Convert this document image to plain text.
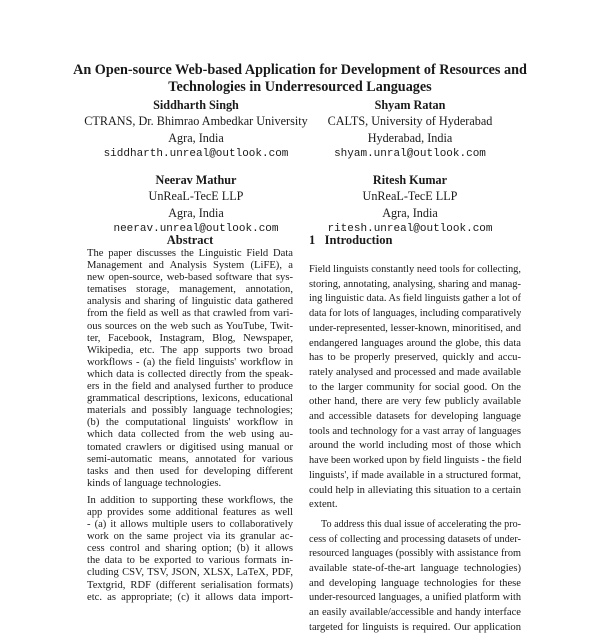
An Open-source Web-based Application for Development of Resources and
Technologies in Underresourced Languages
Siddharth Singh
CTRANS, Dr. Bhimrao Ambedkar University
Agra, India
siddharth.unreal@outlook.com
Shyam Ratan
CALTS, University of Hyderabad
Hyderabad, India
shyam.unral@outlook.com
Neerav Mathur
UnReaL-TecE LLP
Agra, India
neerav.unreal@outlook.com
Ritesh Kumar
UnReaL-TecE LLP
Agra, India
ritesh.unreal@outlook.com
Abstract	1   Introduction
The paper discusses the Linguistic Field Data
Management and Analysis System (LiFE), a
new open-source, web-based software that sys-
tematises storage, management, annotation,
analysis and sharing of linguistic data gathered
from the field as well as that crawled from vari-
ous sources on the web such as YouTube, Twit-
ter, Facebook, Instagram, Blog, Newspaper,
Wikipedia, etc. The app supports two broad
workflows - (a) the field linguists' workflow in
which data is collected directly from the speak-
ers in the field and analysed further to produce
grammatical descriptions, lexicons, educational
materials and possibly language technologies;
(b) the computational linguists' workflow in
which data collected from the web using au-
tomated crawlers or digitised using manual or
semi-automatic means, annotated for various
tasks and then used for developing different
kinds of language technologies.
In addition to supporting these workflows, the
app provides some additional features as well
- (a) it allows multiple users to collaboratively
work on the same project via its granular ac-
cess control and sharing option; (b) it allows
the data to be exported to various formats in-
cluding CSV, TSV, JSON, XLSX, LaTeX, PDF,
Textgrid, RDF (different serialisation formats)
etc. as appropriate; (c) it allows data import-
Field linguists constantly need tools for collecting,
storing, annotating, analysing, sharing and manag-
ing linguistic data. As field linguists gather a lot of
data for lots of languages, including comparatively
under-represented, lesser-known, minoritised, and
endangered languages around the globe, this data
has to be properly preserved, quickly and accu-
rately analysed and processed and made available
to the larger community for social good. On the
other hand, there are very few publicly available
and accessible datasets for developing language
tools and technology for a vast array of languages
around the world including most of those which
have been worked upon by field linguists - the field
linguists', if made available in a structured format,
could help in alleviating this situation to a certain
extent.
To address this dual issue of accelerating the pro-
cess of collecting and processing datasets of under-
resourced languages (possibly with assistance from
available state-of-the-art language technologies)
and developing language technologies for these
under-resourced languages, a unified platform with
an easily available/accessible and handy interface
targeted for linguists is required. Our application
